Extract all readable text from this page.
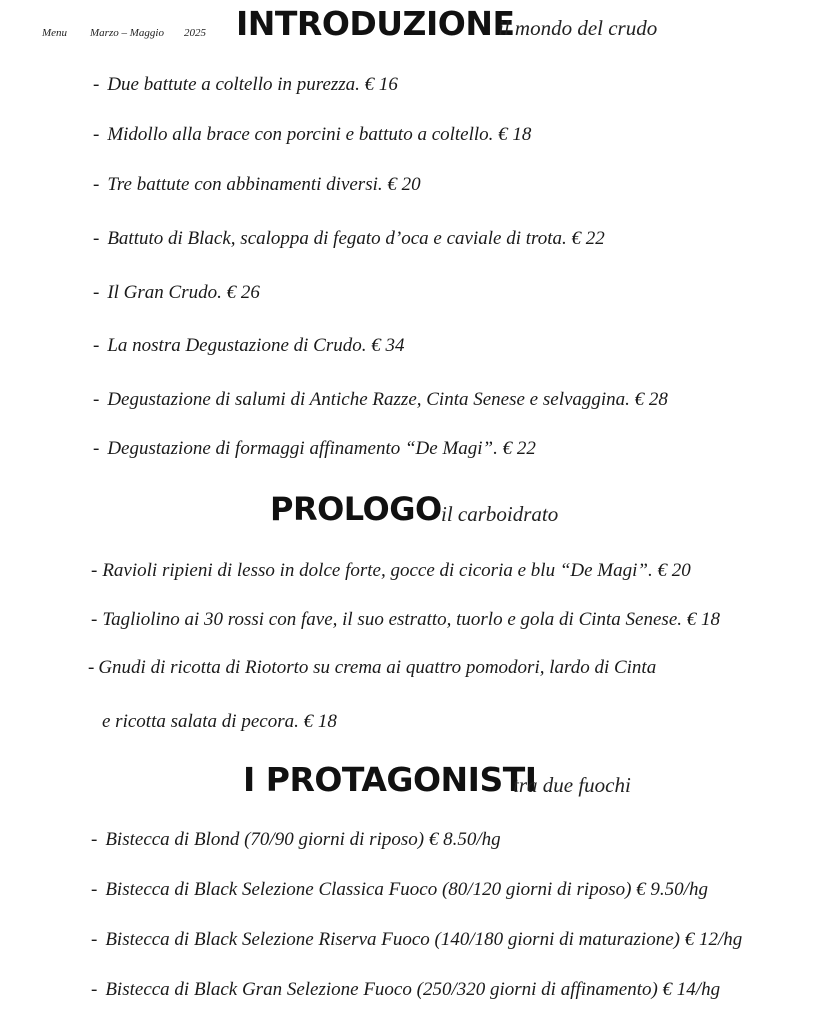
Menu Marzo – Maggio 2025 INTRODUZIONE
il mondo del crudo
- Due battute a coltello in purezza. € 16
- Midollo alla brace con porcini e battuto a coltello. € 18
- Tre battute con abbinamenti diversi. € 20
- Battuto di Black, scaloppa di fegato d’oca e caviale di trota. € 22
- Il Gran Crudo. € 26
- La nostra Degustazione di Crudo. € 34
- Degustazione di salumi di Antiche Razze, Cinta Senese e selvaggina. € 28
- Degustazione di formaggi affinamento “De Magi”. € 22
PROLOGO il carboidrato
- Ravioli ripieni di lesso in dolce forte, gocce di cicoria e blu “De Magi”. € 20
- Tagliolino ai 30 rossi con fave, il suo estratto, tuorlo e gola di Cinta Senese. € 18
- Gnudi di ricotta di Riotorto su crema ai quattro pomodori, lardo di Cinta
e ricotta salata di pecora. € 18
I PROTAGONISTI
tra due fuochi
- Bistecca di Blond (70/90 giorni di riposo) € 8.50/hg
- Bistecca di Black Selezione Classica Fuoco (80/120 giorni di riposo) € 9.50/hg
- Bistecca di Black Selezione Riserva Fuoco (140/180 giorni di maturazione) € 12/hg
- Bistecca di Black Gran Selezione Fuoco (250/320 giorni di affinamento) € 14/hg
